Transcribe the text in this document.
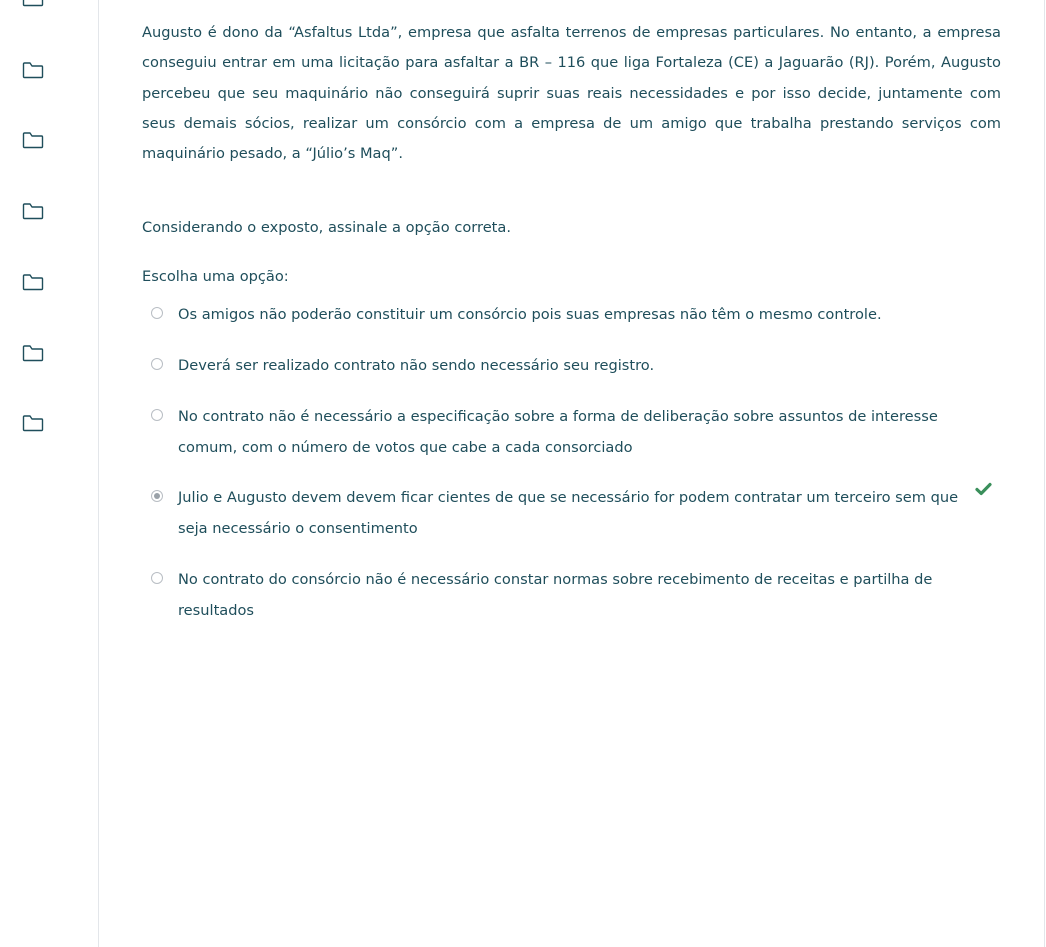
Augusto é dono da “Asfaltus Ltda”, empresa que asfalta terrenos de empresas particulares. No entanto, a empresa conseguiu entrar em uma licitação para asfaltar a BR – 116 que liga Fortaleza (CE) a Jaguarão (RJ). Porém, Augusto percebeu que seu maquinário não conseguirá suprir suas reais necessidades e por isso decide, juntamente com seus demais sócios, realizar um consórcio com a empresa de um amigo que trabalha prestando serviços com maquinário pesado, a “Júlio’s Maq”.

Considerando o exposto, assinale a opção correta.

Escolha uma opção:

Os amigos não poderão constituir um consórcio pois suas empresas não têm o mesmo controle.
Deverá ser realizado contrato não sendo necessário seu registro.
No contrato não é necessário a especificação sobre a forma de deliberação sobre assuntos de interesse comum, com o número de votos que cabe a cada consorciado
Julio e Augusto devem devem ficar cientes de que se necessário for podem contratar um terceiro sem que seja necessário o consentimento
No contrato do consórcio não é necessário constar normas sobre recebimento de receitas e partilha de resultados
